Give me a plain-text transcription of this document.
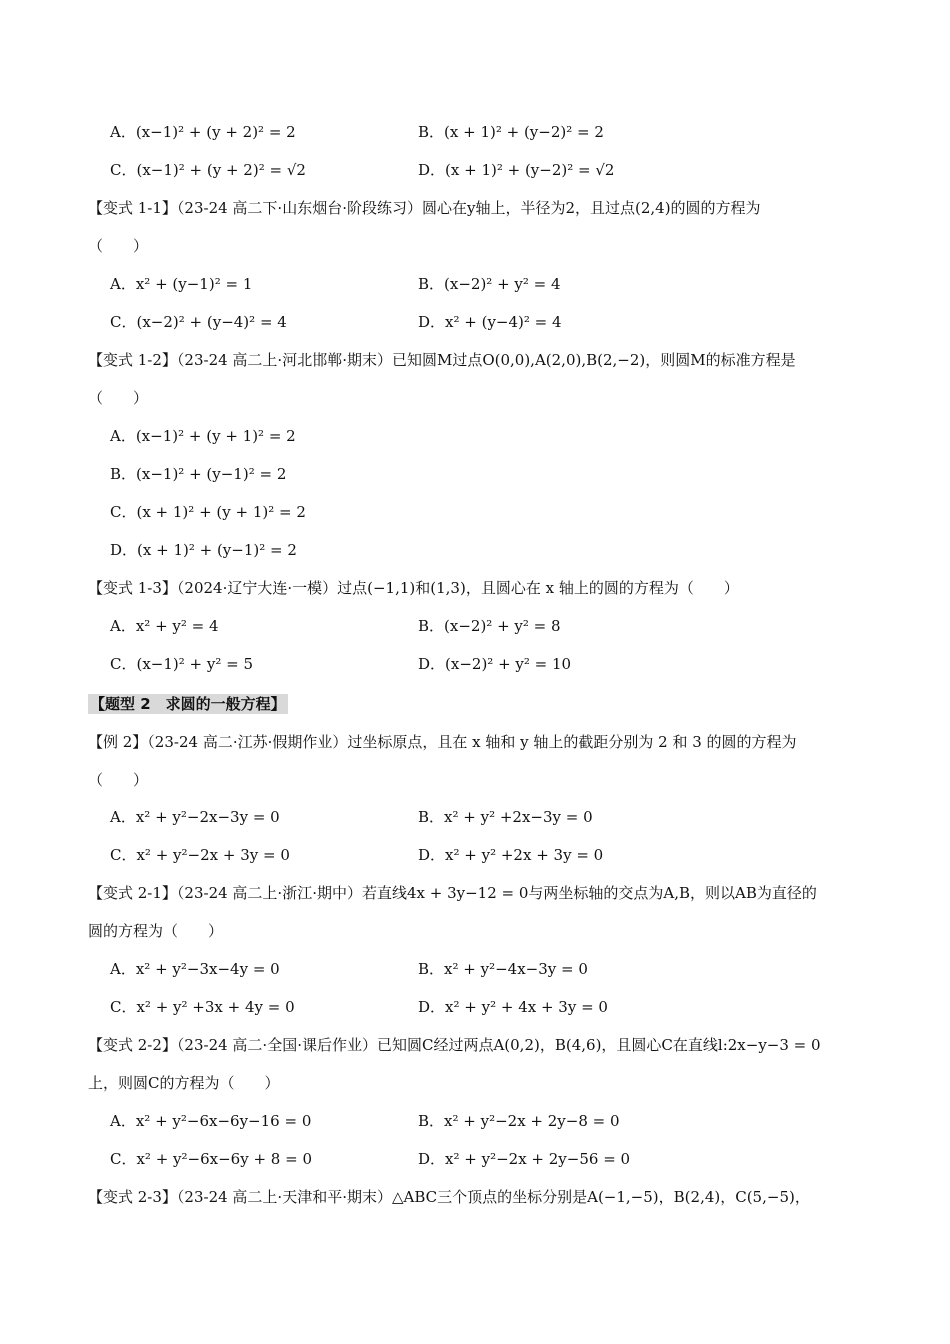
A．(x−1)² + (y + 2)² = 2	B．(x + 1)² + (y−2)² = 2
C．(x−1)² + (y + 2)² = √2	D．(x + 1)² + (y−2)² = √2
【变式 1-1】（23-24 高二下·山东烟台·阶段练习）圆心在y轴上，半径为2，且过点(2,4)的圆的方程为
（　　）
A．x² + (y−1)² = 1	B．(x−2)² + y² = 4
C．(x−2)² + (y−4)² = 4	D．x² + (y−4)² = 4
【变式 1-2】（23-24 高二上·河北邯郸·期末）已知圆M过点O(0,0),A(2,0),B(2,−2)，则圆M的标准方程是
（　　）
A．(x−1)² + (y + 1)² = 2
B．(x−1)² + (y−1)² = 2
C．(x + 1)² + (y + 1)² = 2
D．(x + 1)² + (y−1)² = 2
【变式 1-3】（2024·辽宁大连·一模）过点(−1,1)和(1,3)，且圆心在 x 轴上的圆的方程为（　　）
A．x² + y² = 4	B．(x−2)² + y² = 8
C．(x−1)² + y² = 5	D．(x−2)² + y² = 10
【题型 2　求圆的一般方程】
【例 2】（23-24 高二·江苏·假期作业）过坐标原点，且在 x 轴和 y 轴上的截距分别为 2 和 3 的圆的方程为
（　　）
A．x² + y²−2x−3y = 0	B．x² + y² +2x−3y = 0
C．x² + y²−2x + 3y = 0	D．x² + y² +2x + 3y = 0
【变式 2-1】（23-24 高二上·浙江·期中）若直线4x + 3y−12 = 0与两坐标轴的交点为A,B，则以AB为直径的
圆的方程为（　　）
A．x² + y²−3x−4y = 0	B．x² + y²−4x−3y = 0
C．x² + y² +3x + 4y = 0	D．x² + y² + 4x + 3y = 0
【变式 2-2】（23-24 高二·全国·课后作业）已知圆C经过两点A(0,2)，B(4,6)，且圆心C在直线l:2x−y−3 = 0
上，则圆C的方程为（　　）
A．x² + y²−6x−6y−16 = 0	B．x² + y²−2x + 2y−8 = 0
C．x² + y²−6x−6y + 8 = 0	D．x² + y²−2x + 2y−56 = 0
【变式 2-3】（23-24 高二上·天津和平·期末）△ABC三个顶点的坐标分别是A(−1,−5)，B(2,4)，C(5,−5)，
